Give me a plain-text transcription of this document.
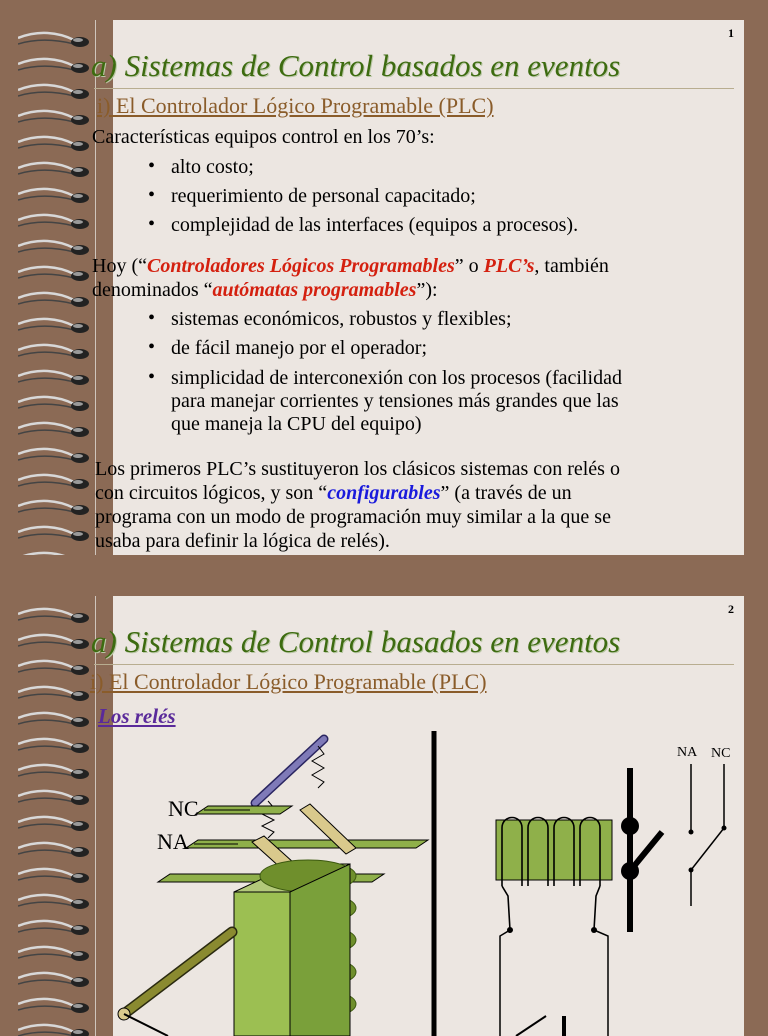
1
a) Sistemas de Control basados en eventos
i) El Controlador Lógico Programable (PLC)
Características equipos control en los 70’s:
• alto costo;
• requerimiento de personal capacitado;
• complejidad de las interfaces (equipos a procesos).
Hoy (“Controladores Lógicos Programables” o PLC’s, también
denominados “autómatas programables”):
• sistemas económicos, robustos y flexibles;
• de fácil manejo por el operador;
• simplicidad de interconexión con los procesos (facilidad
para manejar corrientes y tensiones más grandes que las
que maneja la CPU del equipo)
Los primeros PLC’s sustituyeron los clásicos sistemas con relés o
con circuitos lógicos, y son “configurables” (a través de un
programa con un modo de programación muy similar a la que se
usaba para definir la lógica de relés).
2
a) Sistemas de Control basados en eventos
i) El Controlador Lógico Programable (PLC)
Los relés
NC
NA
NA NC
